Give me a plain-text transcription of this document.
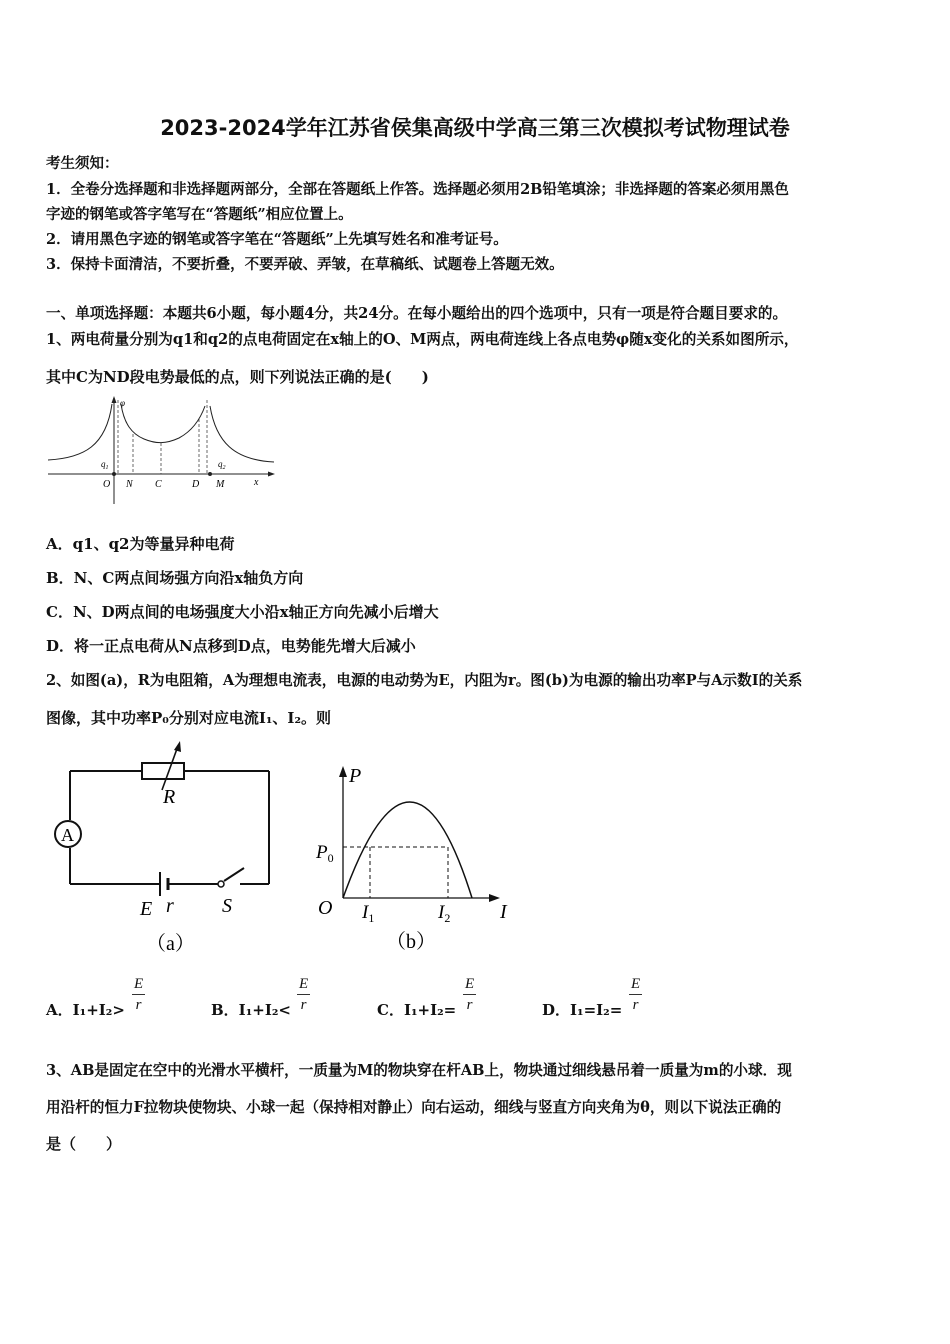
2023-2024学年江苏省侯集高级中学高三第三次模拟考试物理试卷
考生须知：
1．全卷分选择题和非选择题两部分，全部在答题纸上作答。选择题必须用2B铅笔填涂；非选择题的答案必须用黑色
字迹的钢笔或答字笔写在“答题纸”相应位置上。
2．请用黑色字迹的钢笔或答字笔在“答题纸”上先填写姓名和准考证号。
3．保持卡面清洁，不要折叠，不要弄破、弄皱，在草稿纸、试题卷上答题无效。
一、单项选择题：本题共6小题，每小题4分，共24分。在每小题给出的四个选项中，只有一项是符合题目要求的。
1、两电荷量分别为q1和q2的点电荷固定在x轴上的O、M两点，两电荷连线上各点电势φ随x变化的关系如图所示，
其中C为ND段电势最低的点，则下列说法正确的是(　　)
φ
$q_1$	$q_2$
O N C	D M	x
A．q1、q2为等量异种电荷
B．N、C两点间场强方向沿x轴负方向
C．N、D两点间的电场强度大小沿x轴正方向先减小后增大
D．将一正点电荷从N点移到D点，电势能先增大后减小
2、如图(a)，R为电阻箱，A为理想电流表，电源的电动势为E，内阻为r。图(b)为电源的输出功率P与A示数I的关系
图像，其中功率P₀分别对应电流I₁、I₂。则
R
A
E r S
（a）
P
$P_0$
O $I_1$	$I_2$ I
（b）
A．$I_1+I_2> \frac{E}{r}$	B．$I_1+I_2< \frac{E}{r}$	C．$I_1+I_2= \frac{E}{r}$	D．$I_1=I_2= \frac{E}{r}$
3、AB是固定在空中的光滑水平横杆，一质量为M的物块穿在杆AB上，物块通过细线悬吊着一质量为m的小球．现
用沿杆的恒力F拉物块使物块、小球一起（保持相对静止）向右运动，细线与竖直方向夹角为θ，则以下说法正确的
是（　　）
